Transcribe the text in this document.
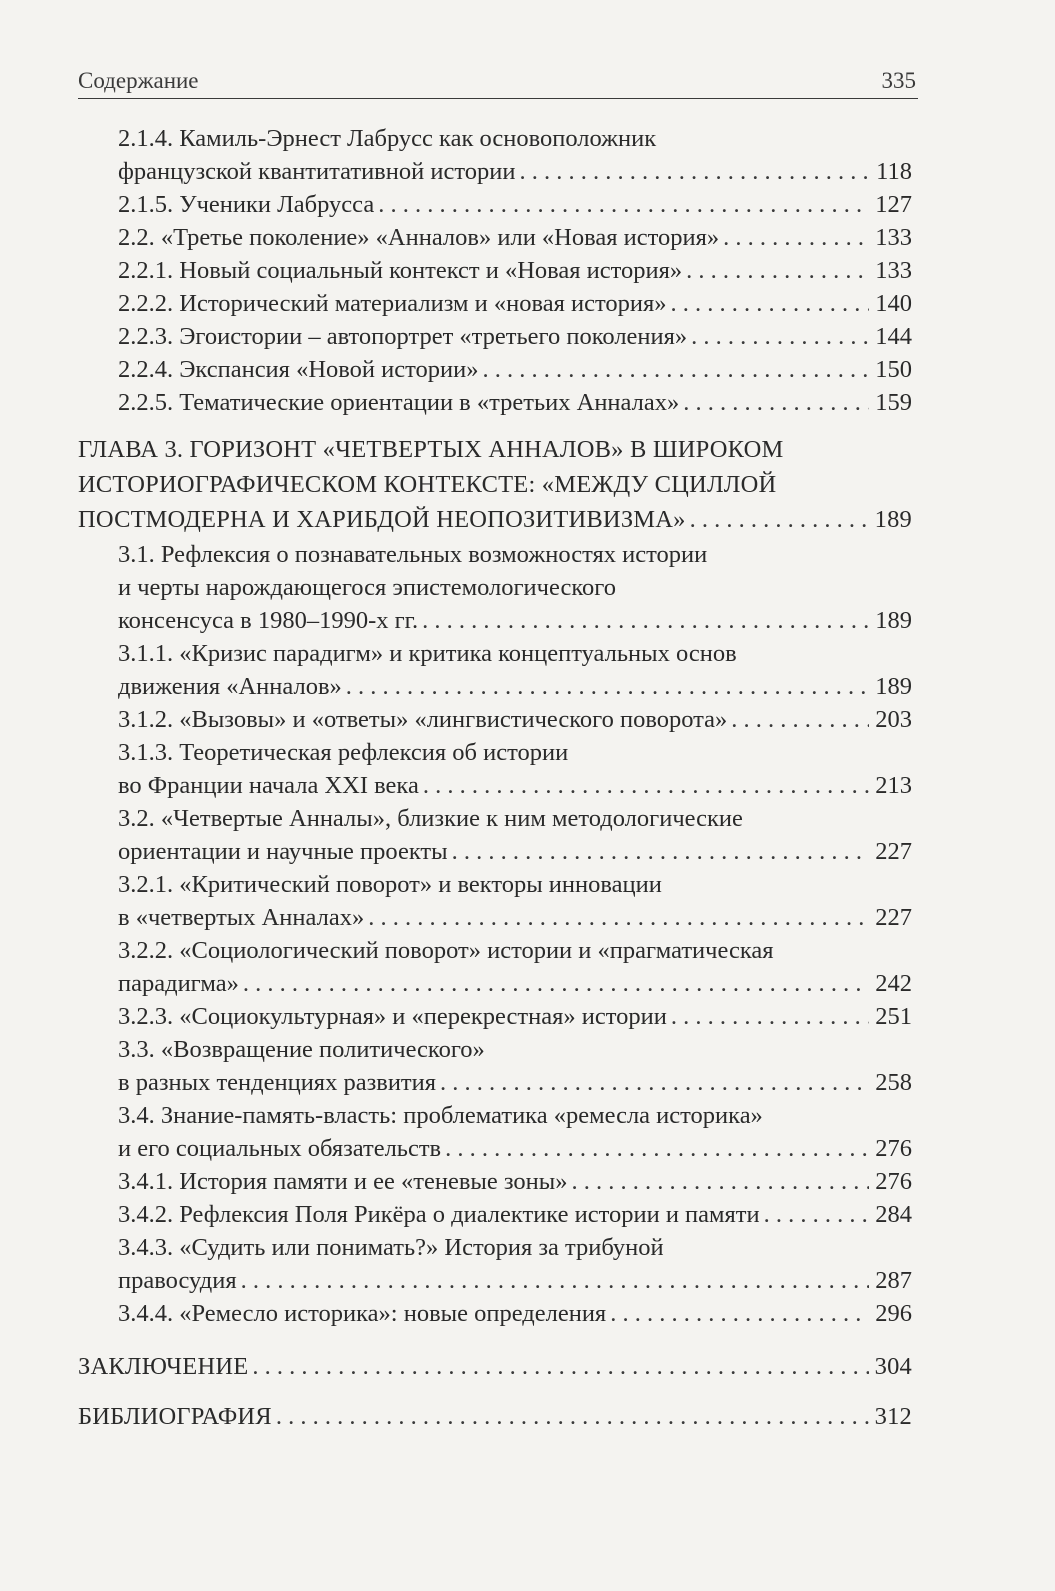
Содержание	335
2.1.4. Камиль-Эрнест Лабрусс как основоположник
французской квантитативной истории . . .	118
2.1.5. Ученики Лабрусса . . .	127
2.2. «Третье поколение» «Анналов» или «Новая история» . . .	133
2.2.1. Новый социальный контекст и «Новая история» . . .	133
2.2.2. Исторический материализм и «новая история» . . .	140
2.2.3. Эгоистории – автопортрет «третьего поколения» . . .	144
2.2.4. Экспансия «Новой истории» . . .	150
2.2.5. Тематические ориентации в «третьих Анналах» . . .	159
ГЛАВА 3. ГОРИЗОНТ «ЧЕТВЕРТЫХ АННАЛОВ» В ШИРОКОМ
ИСТОРИОГРАФИЧЕСКОМ КОНТЕКСТЕ: «МЕЖДУ СЦИЛЛОЙ
ПОСТМОДЕРНА И ХАРИБДОЙ НЕОПОЗИТИВИЗМА» . . .	189
3.1. Рефлексия о познавательных возможностях истории
и черты нарождающегося эпистемологического
консенсуса в 1980–1990-х гг. . . .	189
3.1.1. «Кризис парадигм» и критика концептуальных основ
движения «Анналов» . . .	189
3.1.2. «Вызовы» и «ответы» «лингвистического поворота» . . .	203
3.1.3. Теоретическая рефлексия об истории
во Франции начала XXI века . . .	213
3.2. «Четвертые Анналы», близкие к ним методологические
ориентации и научные проекты . . .	227
3.2.1. «Критический поворот» и векторы инновации
в «четвертых Анналах» . . .	227
3.2.2. «Социологический поворот» истории и «прагматическая
парадигма» . . .	242
3.2.3. «Социокультурная» и «перекрестная» истории . . .	251
3.3. «Возвращение политического»
в разных тенденциях развития . . .	258
3.4. Знание-память-власть: проблематика «ремесла историка»
и его социальных обязательств . . .	276
3.4.1. История памяти и ее «теневые зоны» . . .	276
3.4.2. Рефлексия Поля Рикёра о диалектике истории и памяти . . .	284
3.4.3. «Судить или понимать?» История за трибуной
правосудия . . .	287
3.4.4. «Ремесло историка»: новые определения . . .	296
ЗАКЛЮЧЕНИЕ . . .	304
БИБЛИОГРАФИЯ . . .	312
